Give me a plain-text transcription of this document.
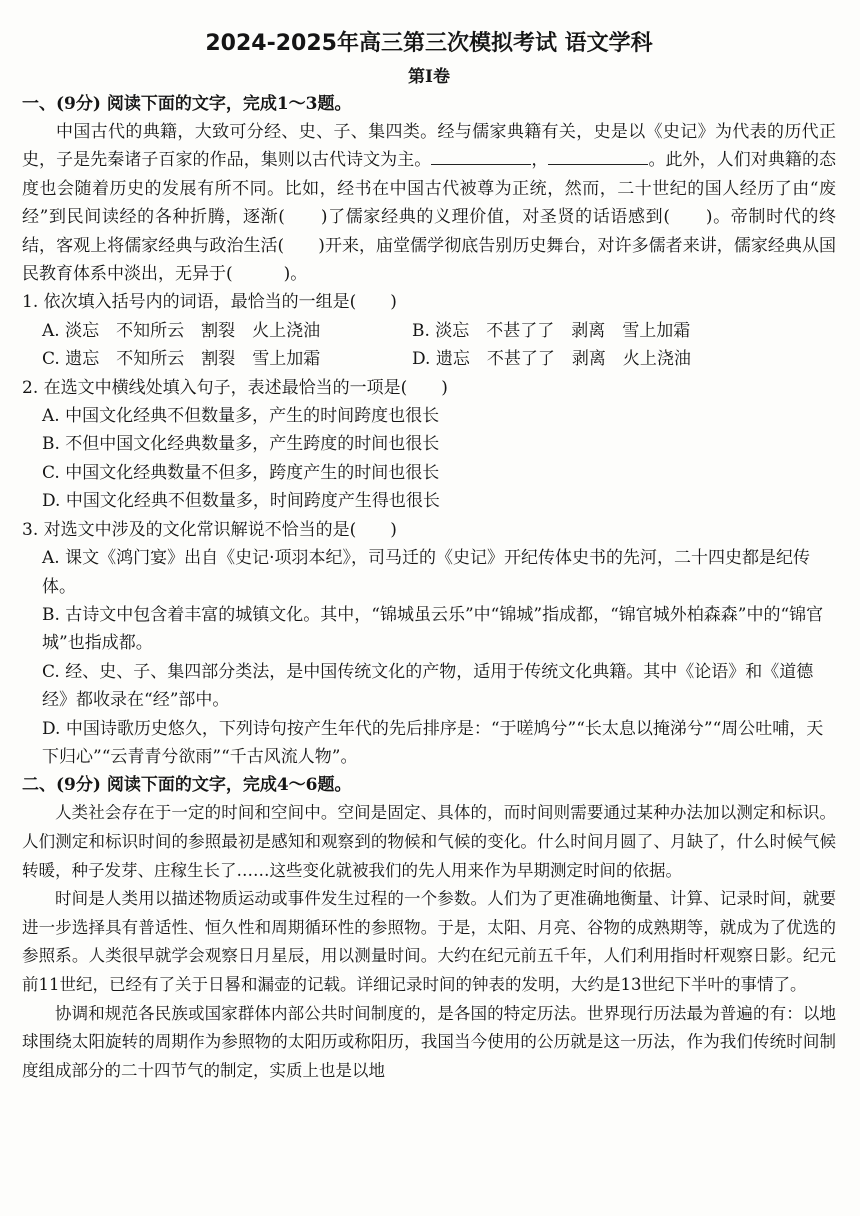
2024-2025年高三第三次模拟考试 语文学科

第Ⅰ卷

一、(9分) 阅读下面的文字，完成1～3题。

中国古代的典籍，大致可分经、史、子、集四类。经与儒家典籍有关，史是以《史记》为代表的历代正史，子是先秦诸子百家的作品，集则以古代诗文为主。	，	。此外，人们对典籍的态度也会随着历史的发展有所不同。比如，经书在中国古代被尊为正统，然而，二十世纪的国人经历了由“废经”到民间读经的各种折腾，逐渐(　　)了儒家经典的义理价值，对圣贤的话语感到(　　)。帝制时代的终结，客观上将儒家经典与政治生活(　　)开来，庙堂儒学彻底告别历史舞台，对许多儒者来讲，儒家经典从国民教育体系中淡出，无异于(　　　)。

1. 依次填入括号内的词语，最恰当的一组是(　　)

A. 淡忘　不知所云　割裂　火上浇油	B. 淡忘　不甚了了　剥离　雪上加霜
C. 遗忘　不知所云　割裂　雪上加霜	D. 遗忘　不甚了了　剥离　火上浇油

2. 在选文中横线处填入句子，表述最恰当的一项是(　　)

A. 中国文化经典不但数量多，产生的时间跨度也很长

B. 不但中国文化经典数量多，产生跨度的时间也很长

C. 中国文化经典数量不但多，跨度产生的时间也很长

D. 中国文化经典不但数量多，时间跨度产生得也很长

3. 对选文中涉及的文化常识解说不恰当的是(　　)

A. 课文《鸿门宴》出自《史记·项羽本纪》，司马迁的《史记》开纪传体史书的先河，二十四史都是纪传体。

B. 古诗文中包含着丰富的城镇文化。其中，“锦城虽云乐”中“锦城”指成都，“锦官城外柏森森”中的“锦官城”也指成都。

C. 经、史、子、集四部分类法，是中国传统文化的产物，适用于传统文化典籍。其中《论语》和《道德经》都收录在“经”部中。

D. 中国诗歌历史悠久，下列诗句按产生年代的先后排序是：“于嗟鸠兮”“长太息以掩涕兮”“周公吐哺，天下归心”“云青青兮欲雨”“千古风流人物”。

二、(9分) 阅读下面的文字，完成4～6题。

人类社会存在于一定的时间和空间中。空间是固定、具体的，而时间则需要通过某种办法加以测定和标识。人们测定和标识时间的参照最初是感知和观察到的物候和气候的变化。什么时间月圆了、月缺了，什么时候气候转暖，种子发芽、庄稼生长了……这些变化就被我们的先人用来作为早期测定时间的依据。

时间是人类用以描述物质运动或事件发生过程的一个参数。人们为了更准确地衡量、计算、记录时间，就要进一步选择具有普适性、恒久性和周期循环性的参照物。于是，太阳、月亮、谷物的成熟期等，就成为了优选的参照系。人类很早就学会观察日月星辰，用以测量时间。大约在纪元前五千年，人们利用指时杆观察日影。纪元前11世纪，已经有了关于日晷和漏壶的记载。详细记录时间的钟表的发明，大约是13世纪下半叶的事情了。

协调和规范各民族或国家群体内部公共时间制度的，是各国的特定历法。世界现行历法最为普遍的有：以地球围绕太阳旋转的周期作为参照物的太阳历或称阳历，我国当今使用的公历就是这一历法，作为我们传统时间制度组成部分的二十四节气的制定，实质上也是以地
